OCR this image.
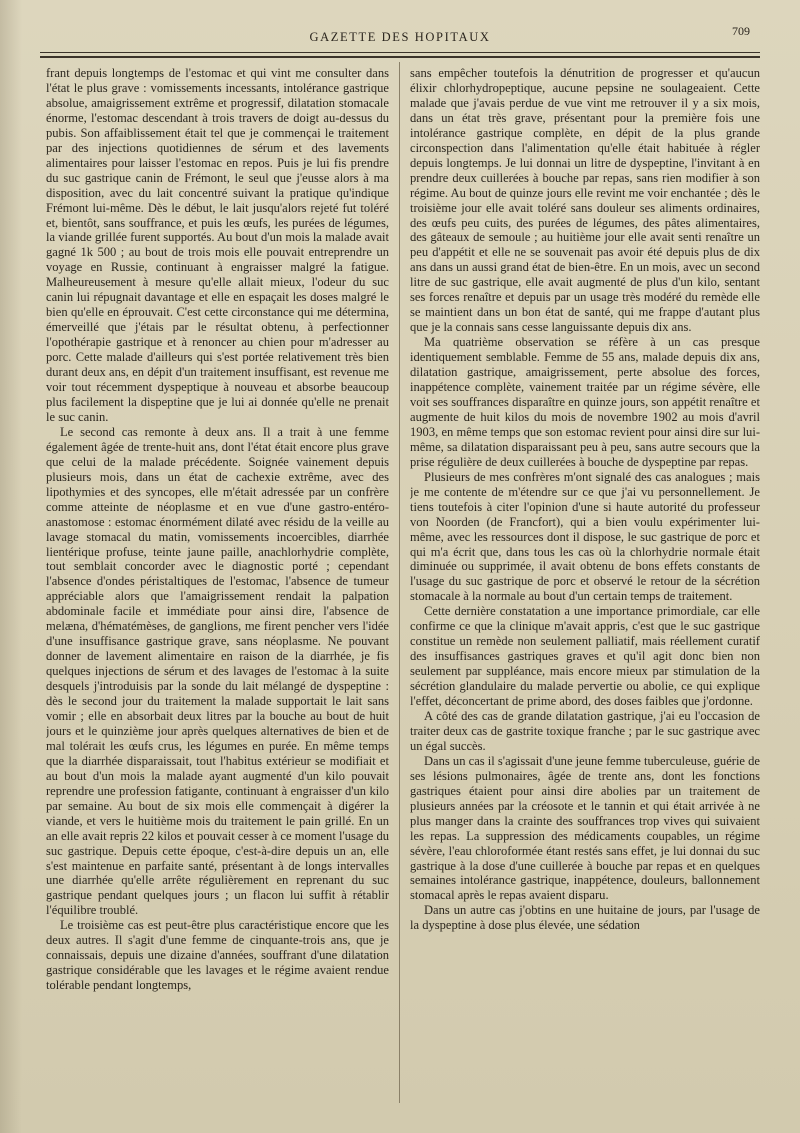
GAZETTE DES HOPITAUX	709

frant depuis longtemps de l'estomac et qui vint me consulter dans l'état le plus grave : vomissements incessants, intolérance gastrique absolue, amaigrissement extrême et progressif, dilatation stomacale énorme, l'estomac descendant à trois travers de doigt au-dessus du pubis. Son affaiblissement était tel que je commençai le traitement par des injections quotidiennes de sérum et des lavements alimentaires pour laisser l'estomac en repos. Puis je lui fis prendre du suc gastrique canin de Frémont, le seul que j'eusse alors à ma disposition, avec du lait concentré suivant la pratique qu'indique Frémont lui-même. Dès le début, le lait jusqu'alors rejeté fut toléré et, bientôt, sans souffrance, et puis les œufs, les purées de légumes, la viande grillée furent supportés. Au bout d'un mois la malade avait gagné 1k 500 ; au bout de trois mois elle pouvait entreprendre un voyage en Russie, continuant à engraisser malgré la fatigue. Malheureusement à mesure qu'elle allait mieux, l'odeur du suc canin lui répugnait davantage et elle en espaçait les doses malgré le bien qu'elle en éprouvait. C'est cette circonstance qui me détermina, émerveillé que j'étais par le résultat obtenu, à perfectionner l'opothérapie gastrique et à renoncer au chien pour m'adresser au porc. Cette malade d'ailleurs qui s'est portée relativement très bien durant deux ans, en dépit d'un traitement insuffisant, est revenue me voir tout récemment dyspeptique à nouveau et absorbe beaucoup plus facilement la dispeptine que je lui ai donnée qu'elle ne prenait le suc canin.

Le second cas remonte à deux ans. Il a trait à une femme également âgée de trente-huit ans, dont l'état était encore plus grave que celui de la malade précédente. Soignée vainement depuis plusieurs mois, dans un état de cachexie extrême, avec des lipothymies et des syncopes, elle m'était adressée par un confrère comme atteinte de néoplasme et en vue d'une gastro-entéro-anastomose : estomac énormément dilaté avec résidu de la veille au lavage stomacal du matin, vomissements incoercibles, diarrhée lientérique profuse, teinte jaune paille, anachlorhydrie complète, tout semblait concorder avec le diagnostic porté ; cependant l'absence d'ondes péristaltiques de l'estomac, l'absence de tumeur appréciable alors que l'amaigrissement rendait la palpation abdominale facile et immédiate pour ainsi dire, l'absence de melæna, d'hématémèses, de ganglions, me firent pencher vers l'idée d'une insuffisance gastrique grave, sans néoplasme. Ne pouvant donner de lavement alimentaire en raison de la diarrhée, je fis quelques injections de sérum et des lavages de l'estomac à la suite desquels j'introduisis par la sonde du lait mélangé de dyspeptine : dès le second jour du traitement la malade supportait le lait sans vomir ; elle en absorbait deux litres par la bouche au bout de huit jours et le quinzième jour après quelques alternatives de bien et de mal tolérait les œufs crus, les légumes en purée. En même temps que la diarrhée disparaissait, tout l'habitus extérieur se modifiait et au bout d'un mois la malade ayant augmenté d'un kilo pouvait reprendre une profession fatigante, continuant à engraisser d'un kilo par semaine. Au bout de six mois elle commençait à digérer la viande, et vers le huitième mois du traitement le pain grillé. En un an elle avait repris 22 kilos et pouvait cesser à ce moment l'usage du suc gastrique. Depuis cette époque, c'est-à-dire depuis un an, elle s'est maintenue en parfaite santé, présentant à de longs intervalles une diarrhée qu'elle arrête régulièrement en reprenant du suc gastrique pendant quelques jours ; un flacon lui suffit à rétablir l'équilibre troublé.

Le troisième cas est peut-être plus caractéristique encore que les deux autres. Il s'agit d'une femme de cinquante-trois ans, que je connaissais, depuis une dizaine d'années, souffrant d'une dilatation gastrique considérable que les lavages et le régime avaient rendue tolérable pendant longtemps,

sans empêcher toutefois la dénutrition de progresser et qu'aucun élixir chlorhydropeptique, aucune pepsine ne soulageaient. Cette malade que j'avais perdue de vue vint me retrouver il y a six mois, dans un état très grave, présentant pour la première fois une intolérance gastrique complète, en dépit de la plus grande circonspection dans l'alimentation qu'elle était habituée à régler depuis longtemps. Je lui donnai un litre de dyspeptine, l'invitant à en prendre deux cuillerées à bouche par repas, sans rien modifier à son régime. Au bout de quinze jours elle revint me voir enchantée ; dès le troisième jour elle avait toléré sans douleur ses aliments ordinaires, des œufs peu cuits, des purées de légumes, des pâtes alimentaires, des gâteaux de semoule ; au huitième jour elle avait senti renaître un peu d'appétit et elle ne se souvenait pas avoir été depuis plus de dix ans dans un aussi grand état de bien-être. En un mois, avec un second litre de suc gastrique, elle avait augmenté de plus d'un kilo, sentant ses forces renaître et depuis par un usage très modéré du remède elle se maintient dans un bon état de santé, qui me frappe d'autant plus que je la connais sans cesse languissante depuis dix ans.

Ma quatrième observation se réfère à un cas presque identiquement semblable. Femme de 55 ans, malade depuis dix ans, dilatation gastrique, amaigrissement, perte absolue des forces, inappétence complète, vainement traitée par un régime sévère, elle voit ses souffrances disparaître en quinze jours, son appétit renaître et augmente de huit kilos du mois de novembre 1902 au mois d'avril 1903, en même temps que son estomac revient pour ainsi dire sur lui-même, sa dilatation disparaissant peu à peu, sans autre secours que la prise régulière de deux cuillerées à bouche de dyspeptine par repas.

Plusieurs de mes confrères m'ont signalé des cas analogues ; mais je me contente de m'étendre sur ce que j'ai vu personnellement. Je tiens toutefois à citer l'opinion d'une si haute autorité du professeur von Noorden (de Francfort), qui a bien voulu expérimenter lui-même, avec les ressources dont il dispose, le suc gastrique de porc et qui m'a écrit que, dans tous les cas où la chlorhydrie normale était diminuée ou supprimée, il avait obtenu de bons effets constants de l'usage du suc gastrique de porc et observé le retour de la sécrétion stomacale à la normale au bout d'un certain temps de traitement.

Cette dernière constatation a une importance primordiale, car elle confirme ce que la clinique m'avait appris, c'est que le suc gastrique constitue un remède non seulement palliatif, mais réellement curatif des insuffisances gastriques graves et qu'il agit donc bien non seulement par suppléance, mais encore mieux par stimulation de la sécrétion glandulaire du malade pervertie ou abolie, ce qui explique l'effet, déconcertant de prime abord, des doses faibles que j'ordonne.

A côté des cas de grande dilatation gastrique, j'ai eu l'occasion de traiter deux cas de gastrite toxique franche ; par le suc gastrique avec un égal succès.

Dans un cas il s'agissait d'une jeune femme tuberculeuse, guérie de ses lésions pulmonaires, âgée de trente ans, dont les fonctions gastriques étaient pour ainsi dire abolies par un traitement de plusieurs années par la créosote et le tannin et qui était arrivée à ne plus manger dans la crainte des souffrances trop vives qui suivaient les repas. La suppression des médicaments coupables, un régime sévère, l'eau chloroformée étant restés sans effet, je lui donnai du suc gastrique à la dose d'une cuillerée à bouche par repas et en quelques semaines intolérance gastrique, inappétence, douleurs, ballonnement stomacal après le repas avaient disparu.

Dans un autre cas j'obtins en une huitaine de jours, par l'usage de la dyspeptine à dose plus élevée, une sédation
